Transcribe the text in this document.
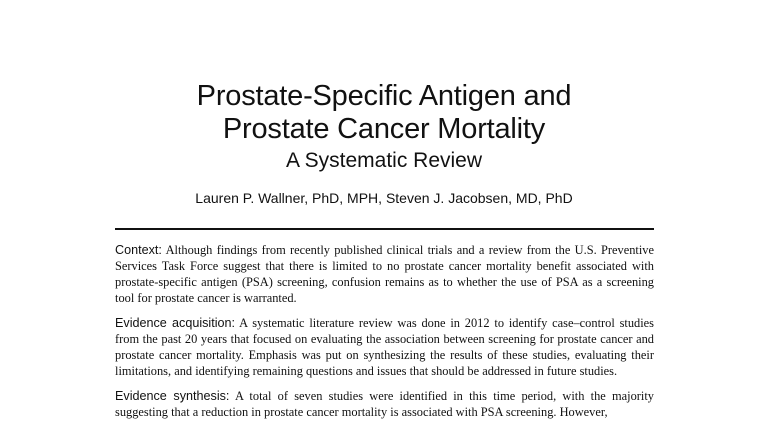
Prostate-Specific Antigen and
Prostate Cancer Mortality
A Systematic Review
Lauren P. Wallner, PhD, MPH, Steven J. Jacobsen, MD, PhD

Context: Although findings from recently published clinical trials and a review from the U.S. Preventive Services Task Force suggest that there is limited to no prostate cancer mortality benefit associated with prostate-specific antigen (PSA) screening, confusion remains as to whether the use of PSA as a screening tool for prostate cancer is warranted.

Evidence acquisition: A systematic literature review was done in 2012 to identify case–control studies from the past 20 years that focused on evaluating the association between screening for prostate cancer and prostate cancer mortality. Emphasis was put on synthesizing the results of these studies, evaluating their limitations, and identifying remaining questions and issues that should be addressed in future studies.

Evidence synthesis: A total of seven studies were identified in this time period, with the majority suggesting that a reduction in prostate cancer mortality is associated with PSA screening. However,
